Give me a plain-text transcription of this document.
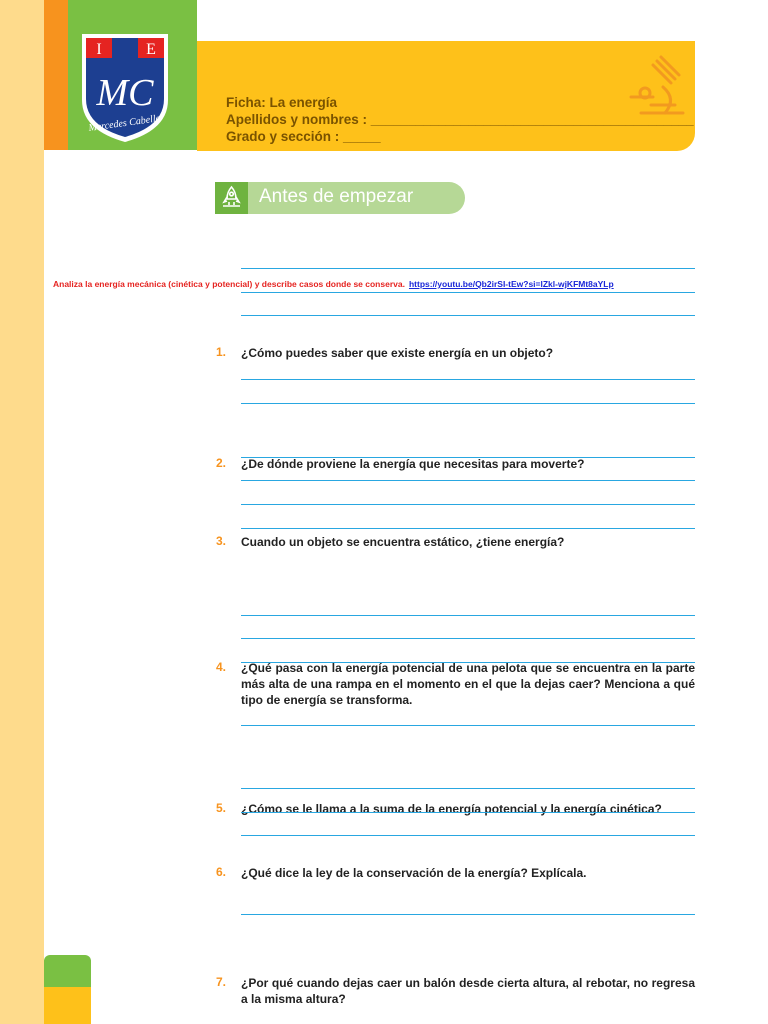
I	E
MC
Mercedes Cabello
Ficha: La energía
Apellidos y nombres : ___________________________________________
Grado y sección : _____
Antes de empezar
Analiza la energía mecánica (cinética y potencial) y describe casos donde se conserva. https://youtu.be/Qb2irSI-tEw?si=lZkl-wjKFMt8aYLp
1. ¿Cómo puedes saber que existe energía en un objeto?
2. ¿De dónde proviene la energía que necesitas para moverte?
3. Cuando un objeto se encuentra estático, ¿tiene energía?
4. ¿Qué pasa con la energía potencial de una pelota que se encuentra en la parte más alta de una rampa en el momento en el que la dejas caer? Menciona a qué tipo de energía se transforma.
5. ¿Cómo se le llama a la suma de la energía potencial y la energía cinética?
6. ¿Qué dice la ley de la conservación de la energía? Explícala.
7. ¿Por qué cuando dejas caer un balón desde cierta altura, al rebotar, no regresa a la misma altura?
